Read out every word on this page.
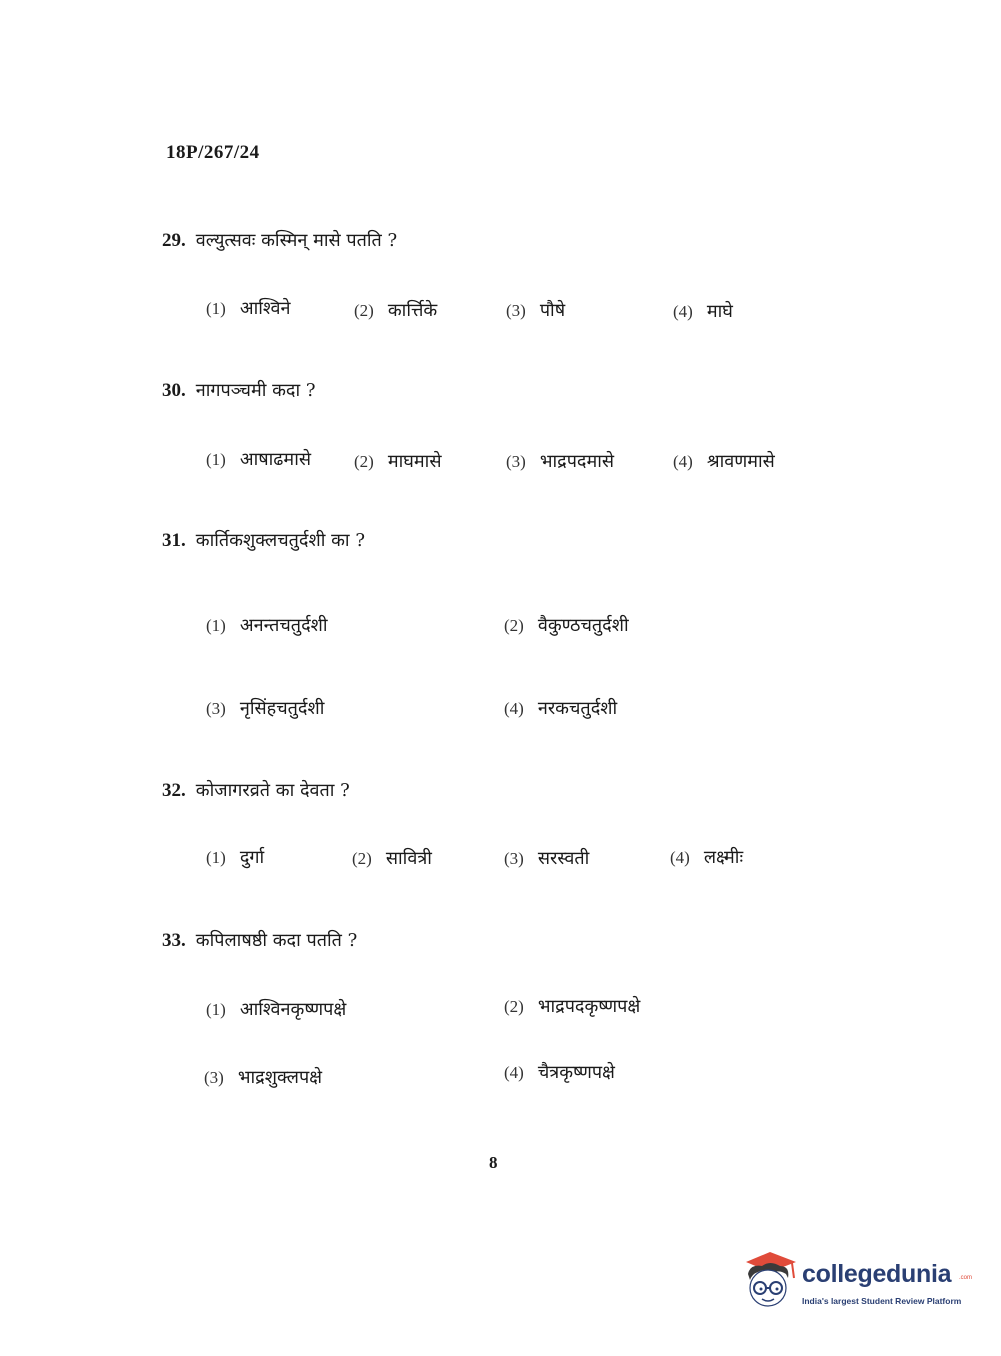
18P/267/24
29. वल्युत्सवः कस्मिन् मासे पतति ?
(1) आश्विने	(2) कार्त्तिके	(3) पौषे	(4) माघे
30. नागपञ्चमी कदा ?
(1) आषाढमासे	(2) माघमासे	(3) भाद्रपदमासे	(4) श्रावणमासे
31. कार्तिकशुक्लचतुर्दशी का ?
(1) अनन्तचतुर्दशी	(2) वैकुण्ठचतुर्दशी
(3) नृसिंहचतुर्दशी	(4) नरकचतुर्दशी
32. कोजागरव्रते का देवता ?
(1) दुर्गा	(2) सावित्री	(3) सरस्वती	(4) लक्ष्मीः
33. कपिलाषष्ठी कदा पतति ?
(1) आश्विनकृष्णपक्षे	(2) भाद्रपदकृष्णपक्षे
(3) भाद्रशुक्लपक्षे	(4) चैत्रकृष्णपक्षे
8
collegedunia .com
India's largest Student Review Platform
